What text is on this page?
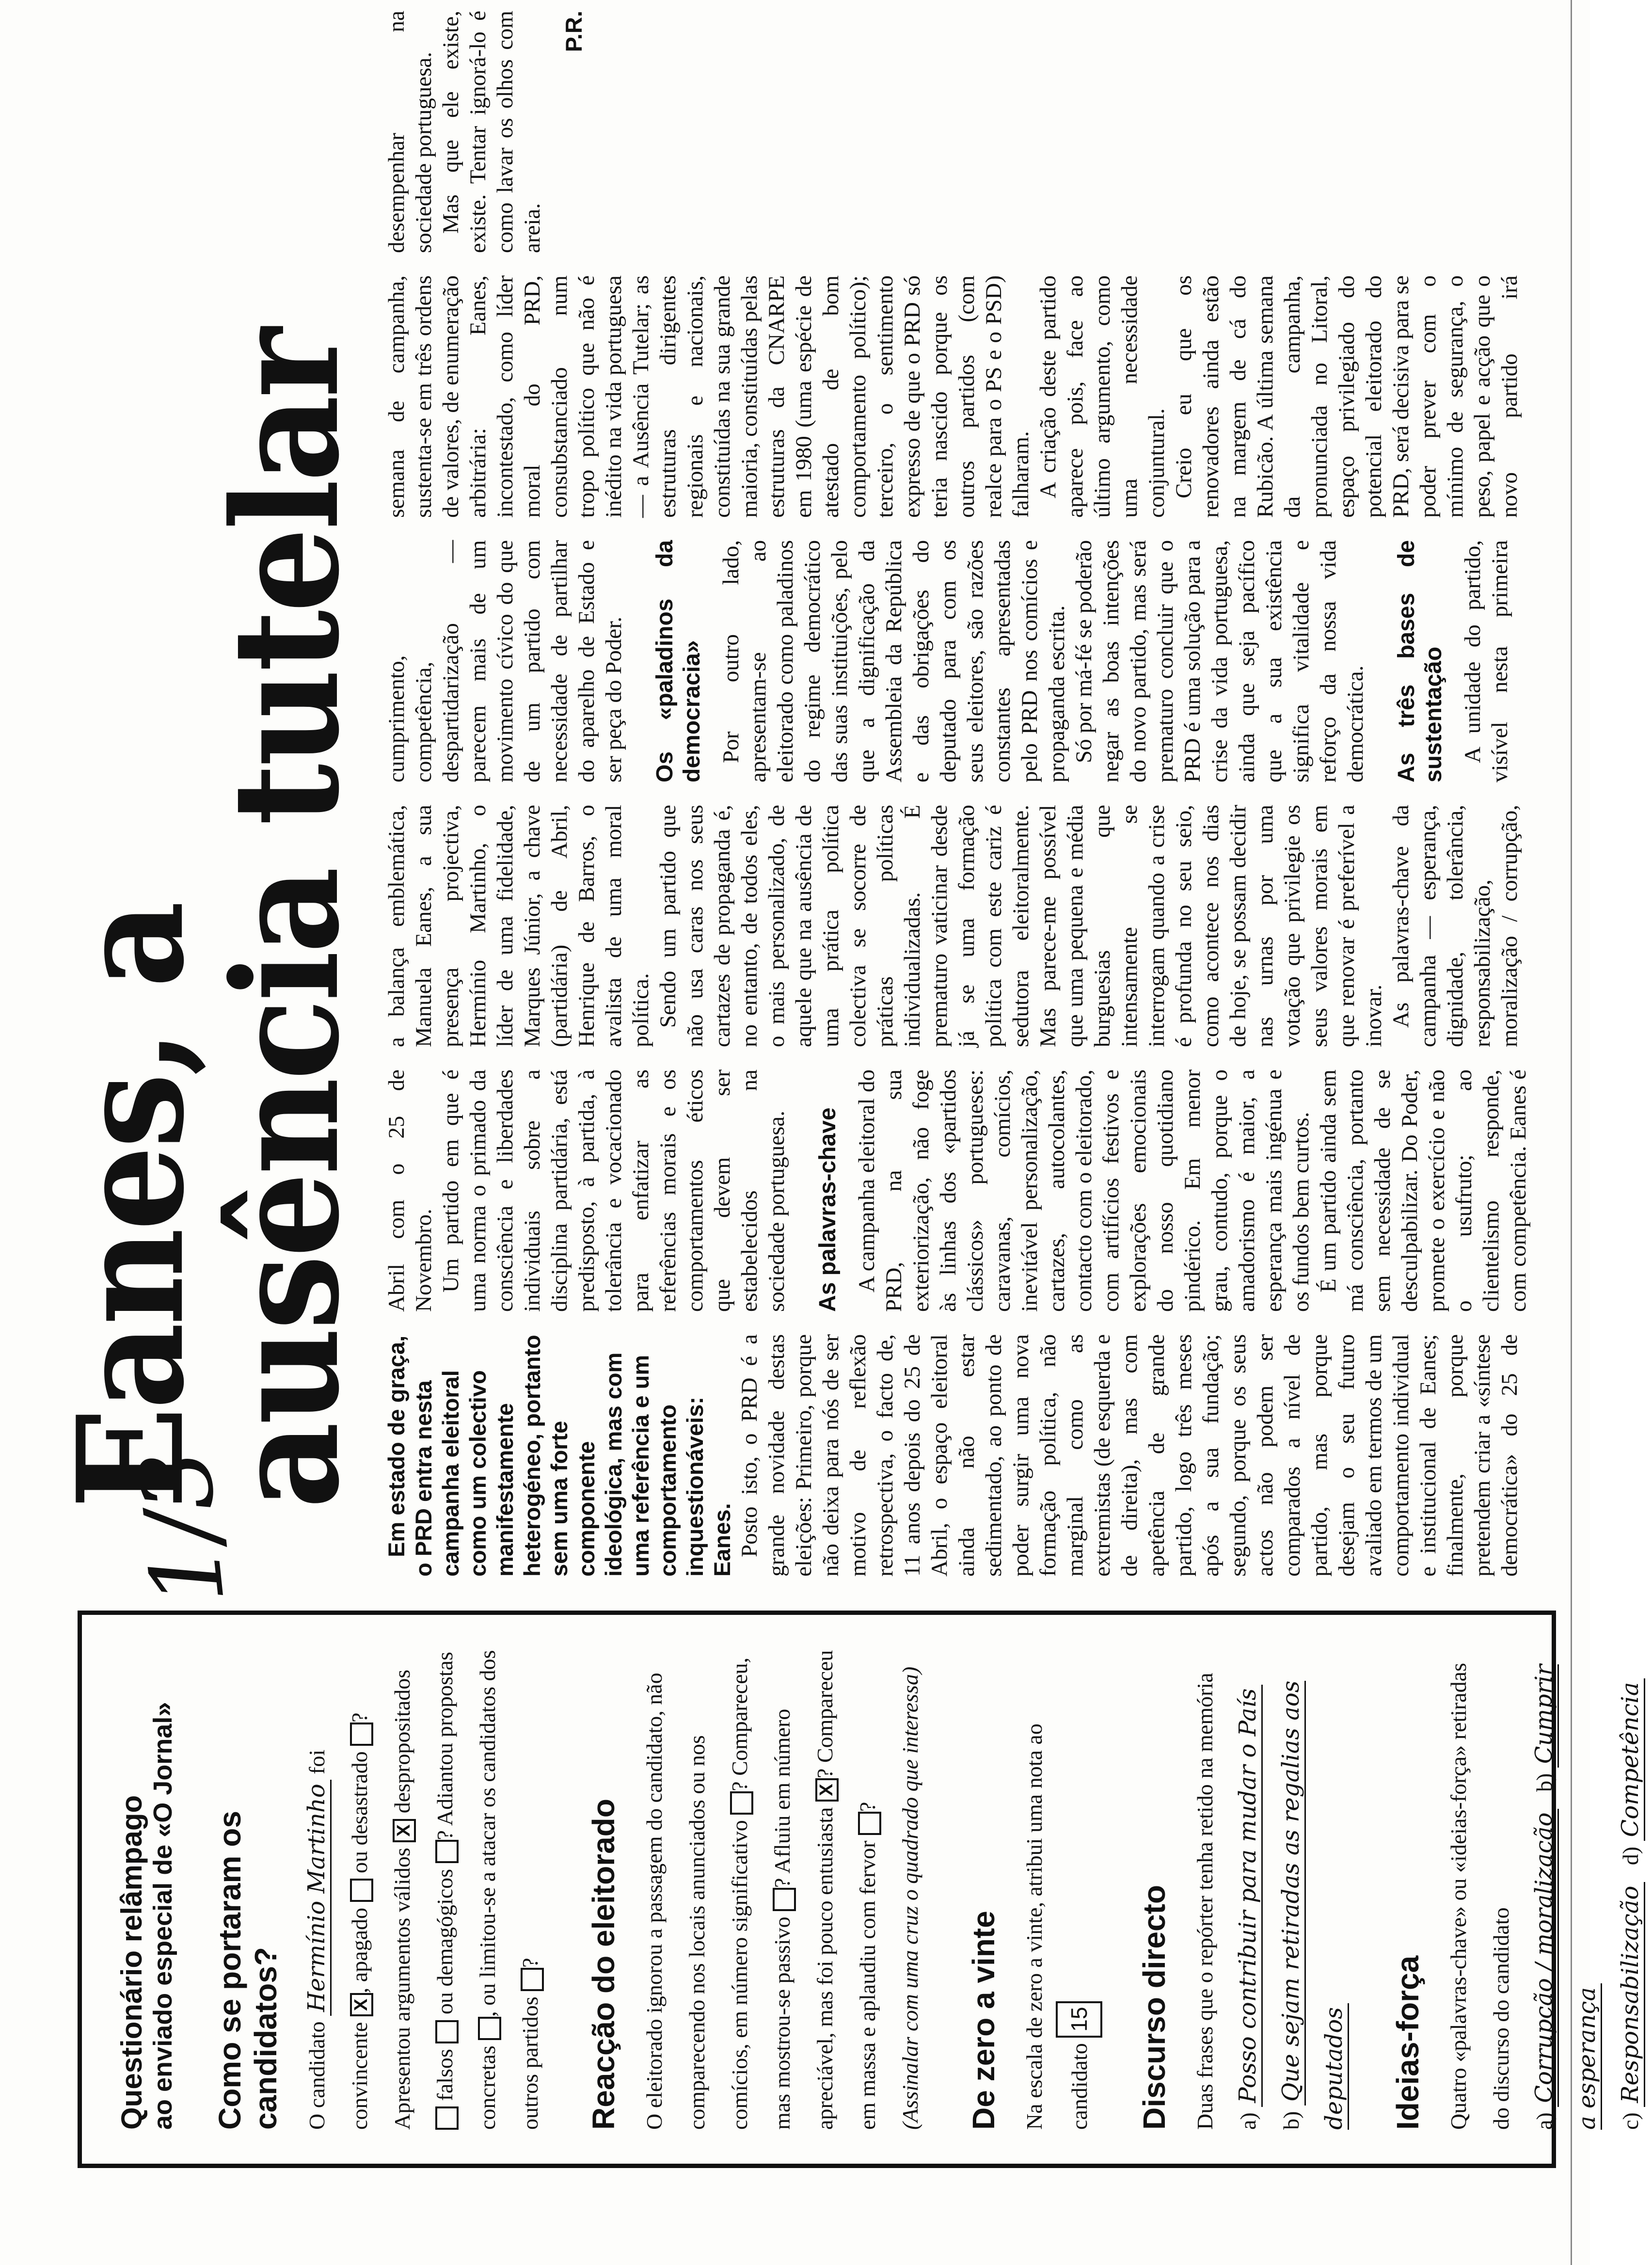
Questionário relâmpago ao enviado especial de «O Jornal» Como se portaram os candidatos? O candidato Hermínio Martinho foi convincente X, apagado  ou desastrado ? Apresentou argumentos válidos X despropositados  falsos  ou demagógicos ? Adiantou propostas concretas , ou limitou-se a atacar os candidatos dos outros partidos ? Reacção do eleitorado O eleitorado ignorou a passagem do candidato, não comparecendo nos locais anunciados ou nos comícios, em número significativo ? Compareceu, mas mostrou-se passivo ? Afluiu em número apreciável, mas foi pouco entusiasta X? Compareceu em massa e aplaudiu com fervor ? (Assinalar com uma cruz o quadrado que interessa) De zero a vinte Na escala de zero a vinte, atribui uma nota ao candidato 15	Discurso directo Duas frases que o repórter tenha retido na memória a) Posso contribuir para mudar o País

b) Que sejam retiradas as regalias aos deputados Ideias-força Quatro «palavras-chave» ou «ideias-força» retiradas do discurso do candidato a) Corrupção / moralização   b) Cumprir a esperança c) Responsabilização   d) Competência

1/3
Eanes, a ausência tutelar Em estado de graça, o PRD entra nesta campanha eleitoral como um colectivo manifestamente heterogéneo, portanto sem uma forte componente ideológica, mas com uma referência e um comportamento inquestionáveis: Eanes. Posto isto, o PRD é a grande novidade destas eleições: Primeiro, porque não deixa para nós de ser motivo de reflexão retrospectiva, o facto de, 11 anos depois do 25 de Abril, o espaço eleitoral ainda não estar sedimentado, ao ponto de poder surgir uma nova formação política, não marginal como as extremistas (de esquerda e de direita), mas com apetência de grande partido, logo três meses após a sua fundação; segundo, porque os seus actos não podem ser comparados a nível de partido, mas porque desejam o seu futuro avaliado em termos de um comportamento individual e institucional de Eanes; finalmente, porque pretendem criar a «síntese democrática» do 25 de Abril com o 25 de Novembro. Um partido em que é uma norma o primado da consciência e liberdades individuais sobre a disciplina partidária, está predisposto, à partida, à tolerância e vocacionado para enfatizar as referências morais e os comportamentos éticos que devem ser estabelecidos na sociedade portuguesa. As palavras-chave A campanha eleitoral do PRD, na sua exteriorização, não foge às linhas dos «partidos clássicos» portugueses: caravanas, comícios, inevitável personalização, cartazes, autocolantes, contacto com o eleitorado, com artifícios festivos e explorações emocionais do nosso quotidiano pindérico. Em menor grau, contudo, porque o amadorismo é maior, a esperança mais ingénua e os fundos bem curtos. É um partido ainda sem má consciência, portanto sem necessidade de se desculpabilizar. Do Poder, promete o exercício e não o usufruto; ao clientelismo responde, com competência. Eanes é a balança emblemática, Manuela Eanes, a sua presença projectiva, Hermínio Martinho, o líder de uma fidelidade, Marques Júnior, a chave (partidária) de Abril, Henrique de Barros, o avalista de uma moral política. Sendo um partido que não usa caras nos seus cartazes de propaganda é, no entanto, de todos eles, o mais personalizado, de aquele que na ausência de uma prática política colectiva se socorre de práticas políticas individualizadas. É prematuro vaticinar desde já se uma formação política com este cariz é sedutora eleitoralmente. Mas parece-me possível que uma pequena e média burguesias que intensamente se interrogam quando a crise é profunda no seu seio, como acontece nos dias de hoje, se possam decidir nas urnas por uma votação que privilegie os seus valores morais em que renovar é preferível a inovar. As palavras-chave da campanha — esperança, dignidade, tolerância, responsabilização, moralização / corrupção, cumprimento, competência, despartidarização — parecem mais de um movimento cívico do que de um partido com necessidade de partilhar do aparelho de Estado e ser peça do Poder.	Os «paladinos da democracia» Por outro lado, apresentam-se ao eleitorado como paladinos do regime democrático das suas instituições, pelo que a dignificação da Assembleia da República e das obrigações do deputado para com os seus eleitores, são razões constantes apresentadas pelo PRD nos comícios e propaganda escrita. Só por má-fé se poderão negar as boas intenções do novo partido, mas será prematuro concluir que o PRD é uma solução para a crise da vida portuguesa, ainda que seja pacífico que a sua existência significa vitalidade e reforço da nossa vida democrática. As três bases de sustentação A unidade do partido, visível nesta primeira semana de campanha, sustenta-se em três ordens de valores, de enumeração arbitrária: Eanes, incontestado, como líder moral do PRD, consubstanciado num tropo político que não é inédito na vida portuguesa — a Ausência Tutelar; as estruturas dirigentes regionais e nacionais, constituídas na sua grande maioria, constituídas pelas estruturas da CNARPE em 1980 (uma espécie de atestado de bom comportamento político); terceiro, o sentimento expresso de que o PRD só teria nascido porque os outros partidos (com realce para o PS e o PSD) falharam. A criação deste partido aparece pois, face ao último argumento, como uma necessidade conjuntural. Creio eu que os renovadores ainda estão na margem de cá do Rubicão. A última semana da campanha, pronunciada no Litoral, espaço privilegiado do potencial eleitorado do PRD, será decisiva para se poder prever com o mínimo de segurança, o peso, papel e acção que o novo partido irá desempenhar na sociedade portuguesa. Mas que ele existe, existe. Tentar ignorá-lo é como lavar os olhos com areia.

P.R.
